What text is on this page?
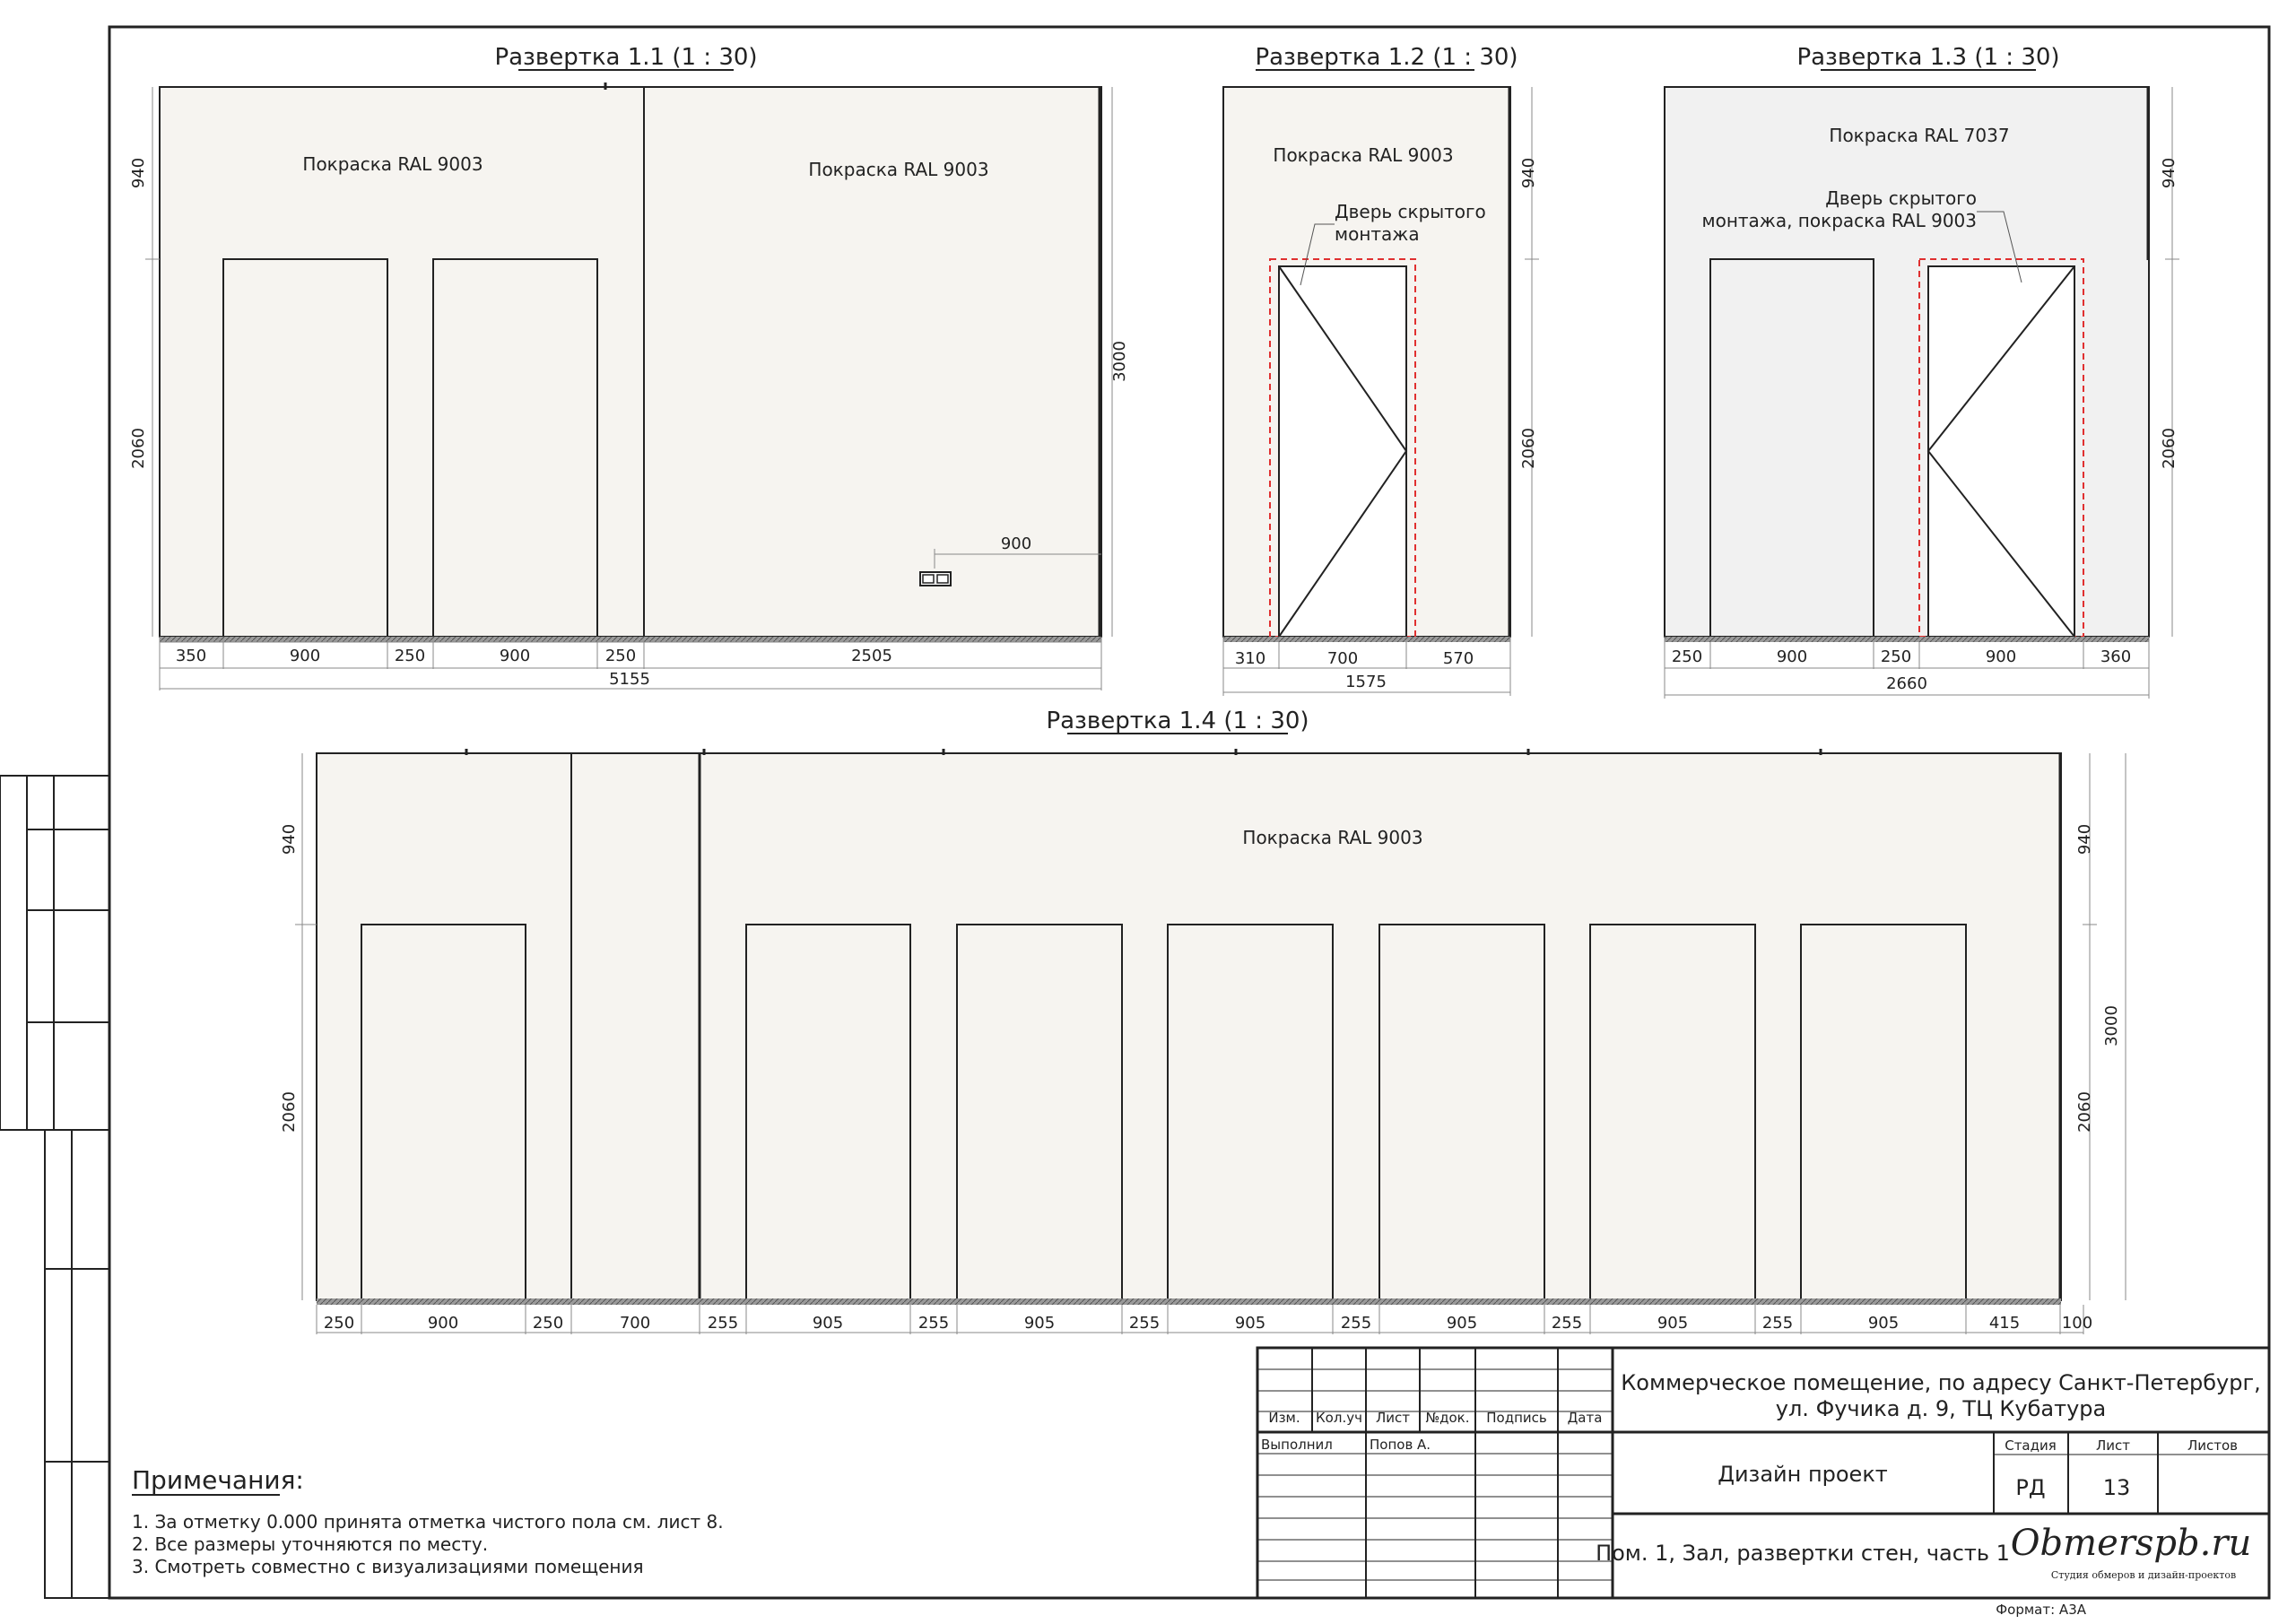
Развертка 1.1 (1 : 30)
Покраска RAL 9003	Покраска RAL 9003
900
940
2060
3000
350	900	250	900	250	2505
5155
Развертка 1.2 (1 : 30)
Покраска RAL 9003
Дверь скрытого
монтажа
940
2060
310	700	570
1575
Развертка 1.3 (1 : 30)
Покраска RAL 7037
Дверь скрытого
монтажа, покраска RAL 9003
940
2060
250	900	250	900	360
2660
Развертка 1.4 (1 : 30)
Покраска RAL 9003
940
2060
940
2060
3000
250	900	250	700	255	905	255	905	255	905	255	905	255	905	255	905	415	100
Примечания:
1. За отметку 0.000 принята отметка чистого пола см. лист 8.
2. Все размеры уточняются по месту.
3. Смотреть совместно с визуализациями помещения
Изм. Кол.уч Лист №док. Подпись Дата
Выполнил	Попов А.
Коммерческое помещение, по адресу Санкт-Петербург,
ул. Фучика д. 9, ТЦ Кубатура
Дизайн проект
Стадия	Лист	Листов
РД	13
Пом. 1, Зал, развертки стен, часть 1 Obmerspb.ru
Студия обмеров и дизайн-проектов
Формат: А3А
